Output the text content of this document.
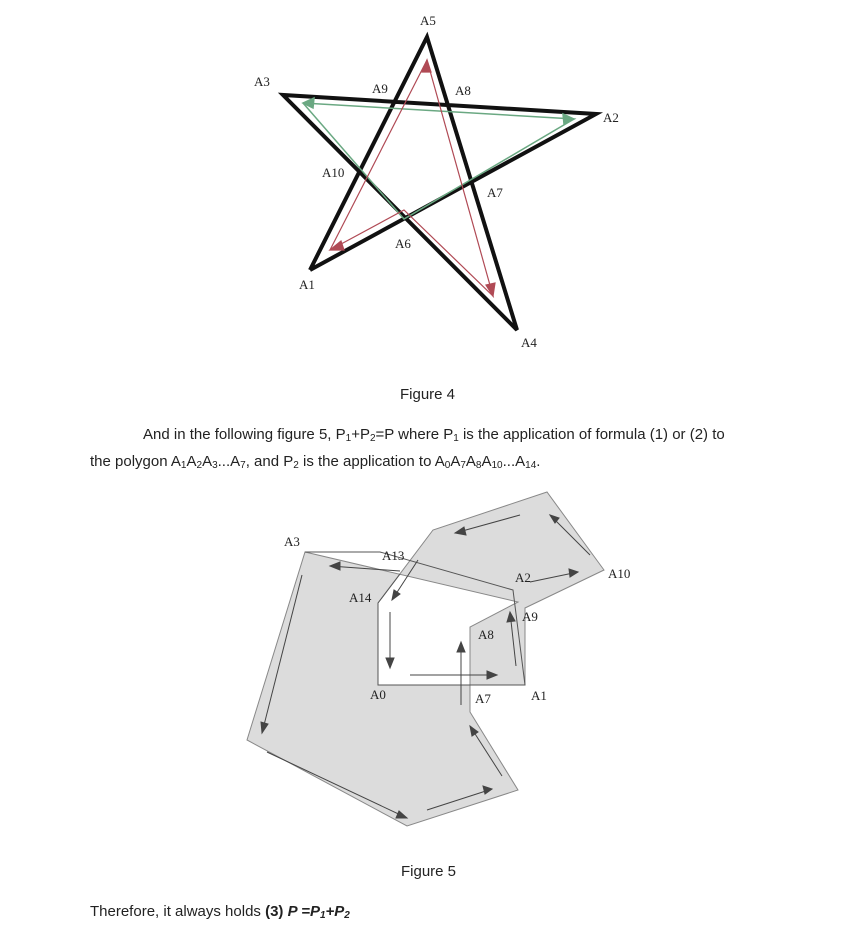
A5
A3	A9	A8
A2
A10
A7
A6
A1
A4
Figure 4
And in the following figure 5, $P_1+P_2=P$ where $P_1$ is the application of formula (1) or (2) to
the polygon $A_1A_2A_3...A_7$, and $P_2$ is the application to $A_0A_7A_8A_{10}...A_{14}$.
A3
A13
A14
A2	A10
A9
A8
A0	A7	A1
Figure 5
Therefore, it always holds (3) $P =P_1+P_2$
